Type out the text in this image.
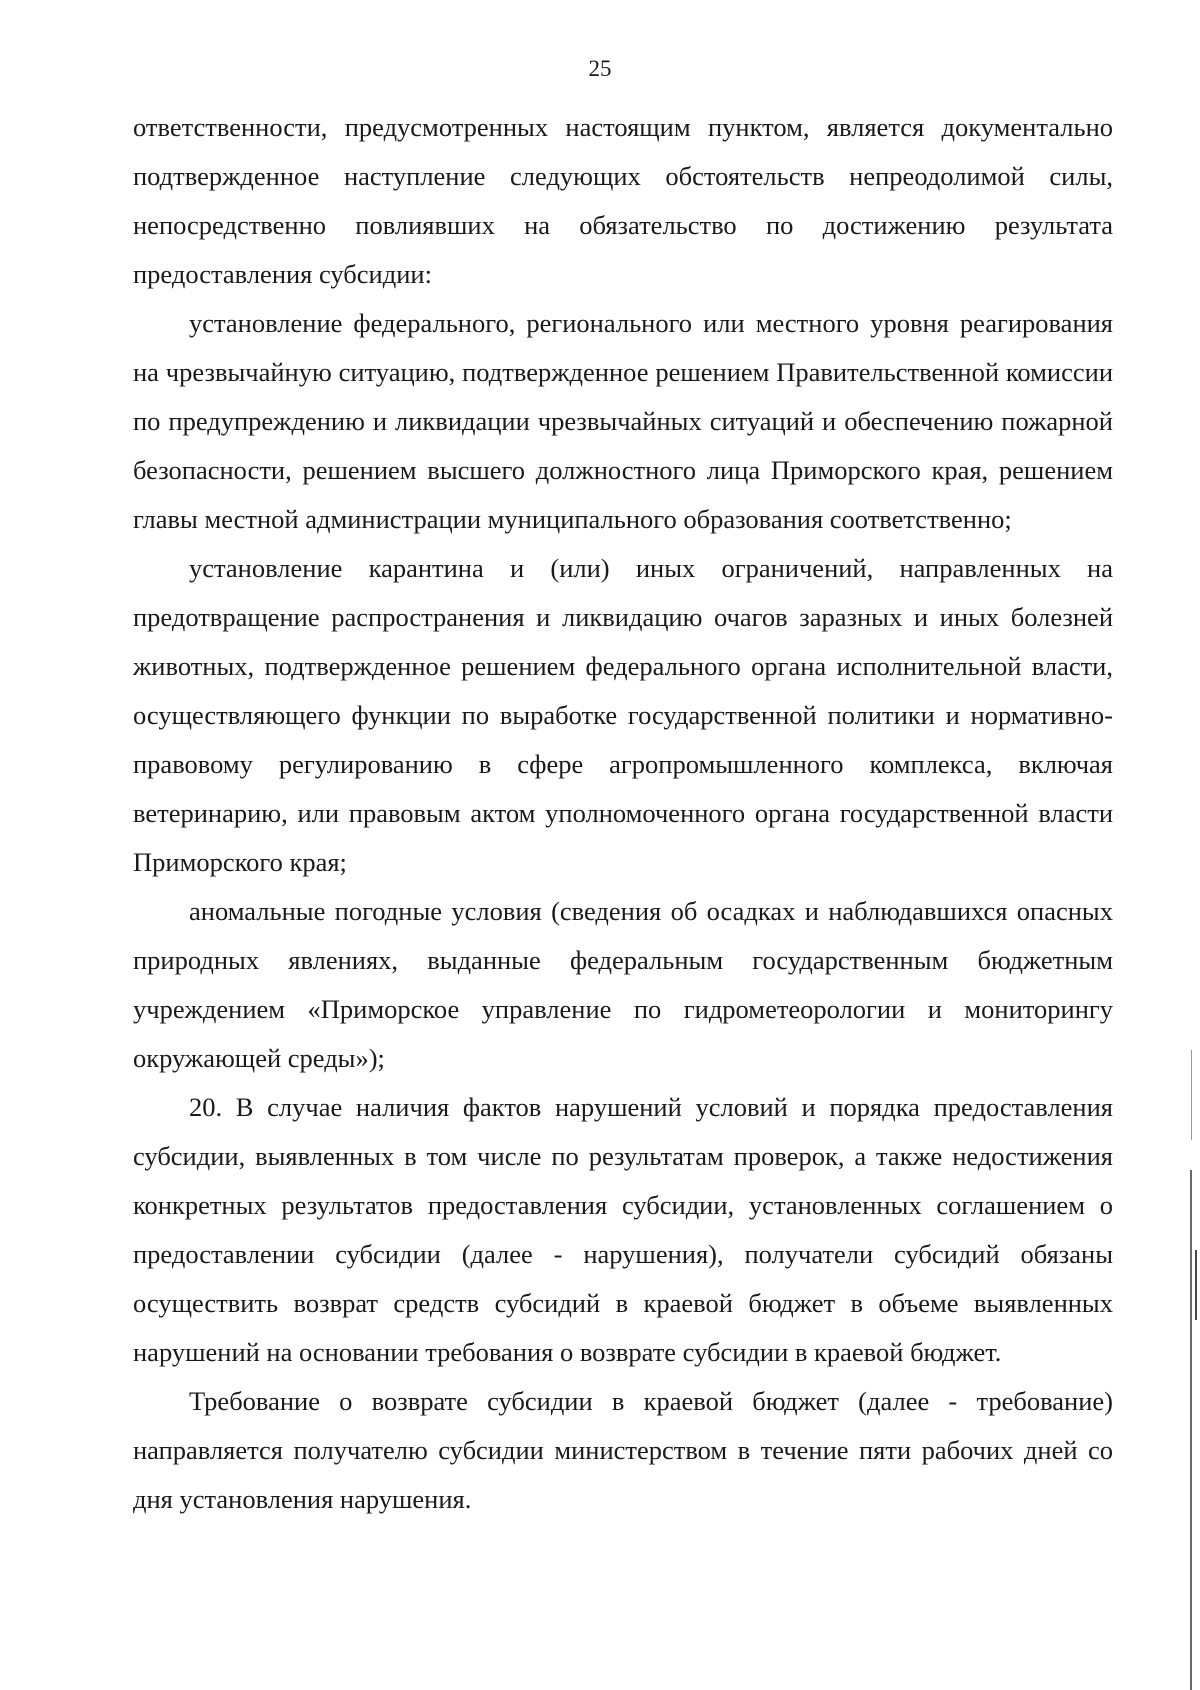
25

ответственности, предусмотренных настоящим пунктом, является документально подтвержденное наступление следующих обстоятельств непреодолимой силы, непосредственно повлиявших на обязательство по достижению результата предоставления субсидии:

установление федерального, регионального или местного уровня реагирования на чрезвычайную ситуацию, подтвержденное решением Правительственной комиссии по предупреждению и ликвидации чрезвычайных ситуаций и обеспечению пожарной безопасности, решением высшего должностного лица Приморского края, решением главы местной администрации муниципального образования соответственно;

установление карантина и (или) иных ограничений, направленных на предотвращение распространения и ликвидацию очагов заразных и иных болезней животных, подтвержденное решением федерального органа исполнительной власти, осуществляющего функции по выработке государственной политики и нормативно-правовому регулированию в сфере агропромышленного комплекса, включая ветеринарию, или правовым актом уполномоченного органа государственной власти Приморского края;

аномальные погодные условия (сведения об осадках и наблюдавшихся опасных природных явлениях, выданные федеральным государственным бюджетным учреждением «Приморское управление по гидрометеорологии и мониторингу окружающей среды»);

20. В случае наличия фактов нарушений условий и порядка предоставления субсидии, выявленных в том числе по результатам проверок, а также недостижения конкретных результатов предоставления субсидии, установленных соглашением о предоставлении субсидии (далее - нарушения), получатели субсидий обязаны осуществить возврат средств субсидий в краевой бюджет в объеме выявленных нарушений на основании требования о возврате субсидии в краевой бюджет.

Требование о возврате субсидии в краевой бюджет (далее - требование) направляется получателю субсидии министерством в течение пяти рабочих дней со дня установления нарушения.
